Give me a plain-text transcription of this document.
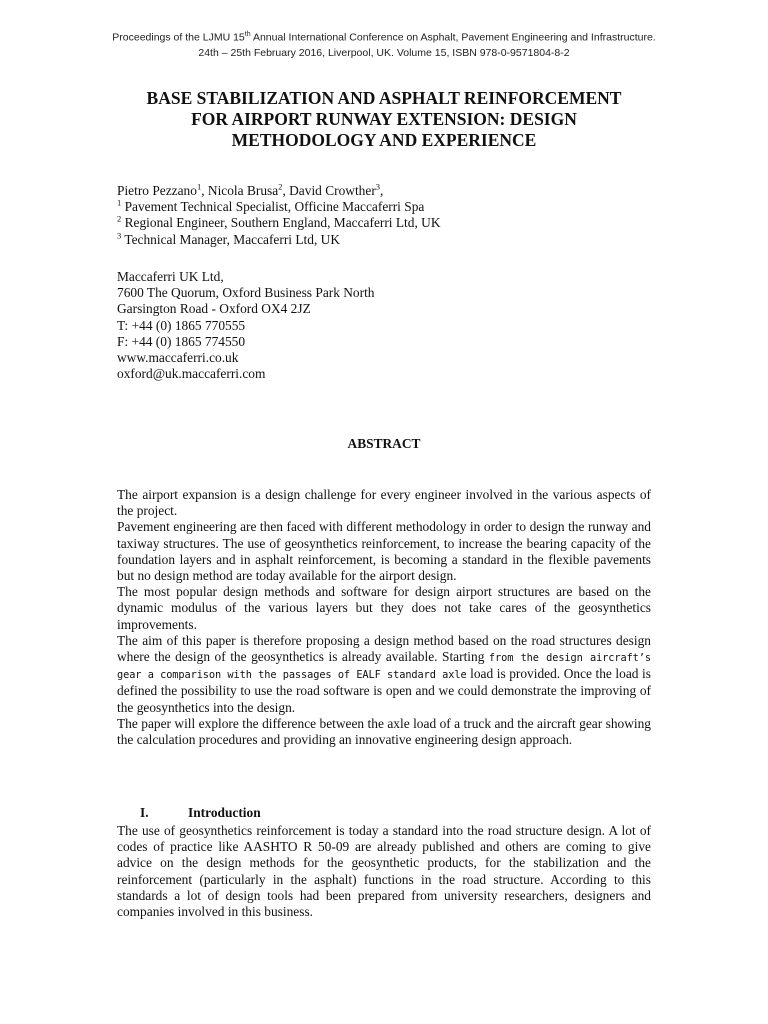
Proceedings of the LJMU 15th Annual International Conference on Asphalt, Pavement Engineering and Infrastructure.
24th – 25th February 2016, Liverpool, UK. Volume 15, ISBN 978-0-9571804-8-2
BASE STABILIZATION AND ASPHALT REINFORCEMENT
FOR AIRPORT RUNWAY EXTENSION: DESIGN
METHODOLOGY AND EXPERIENCE
Pietro Pezzano$^1$, Nicola Brusa$^2$, David Crowther$^3$,
$^1$ Pavement Technical Specialist, Officine Maccaferri Spa
$^2$ Regional Engineer, Southern England, Maccaferri Ltd, UK
$^3$ Technical Manager, Maccaferri Ltd, UK
Maccaferri UK Ltd,
7600 The Quorum, Oxford Business Park North
Garsington Road - Oxford OX4 2JZ
T: +44 (0) 1865 770555
F: +44 (0) 1865 774550
www.maccaferri.co.uk
oxford@uk.maccaferri.com
ABSTRACT

The airport expansion is a design challenge for every engineer involved in the various aspects of the project.

Pavement engineering are then faced with different methodology in order to design the runway and taxiway structures. The use of geosynthetics reinforcement, to increase the bearing capacity of the foundation layers and in asphalt reinforcement, is becoming a standard in the flexible pavements but no design method are today available for the airport design.

The most popular design methods and software for design airport structures are based on the dynamic modulus of the various layers but they does not take cares of the geosynthetics improvements.

The aim of this paper is therefore proposing a design method based on the road structures design where the design of the geosynthetics is already available. Starting from the design aircraft’s gear a comparison with the passages of EALF standard axle load is provided. Once the load is defined the possibility to use the road software is open and we could demonstrate the improving of the geosynthetics into the design.

The paper will explore the difference between the axle load of a truck and the aircraft gear showing the calculation procedures and providing an innovative engineering design approach.

I.	Introduction

The use of geosynthetics reinforcement is today a standard into the road structure design. A lot of codes of practice like AASHTO R 50-09 are already published and others are coming to give advice on the design methods for the geosynthetic products, for the stabilization and the reinforcement (particularly in the asphalt) functions in the road structure. According to this standards a lot of design tools had been prepared from university researchers, designers and companies involved in this business.
